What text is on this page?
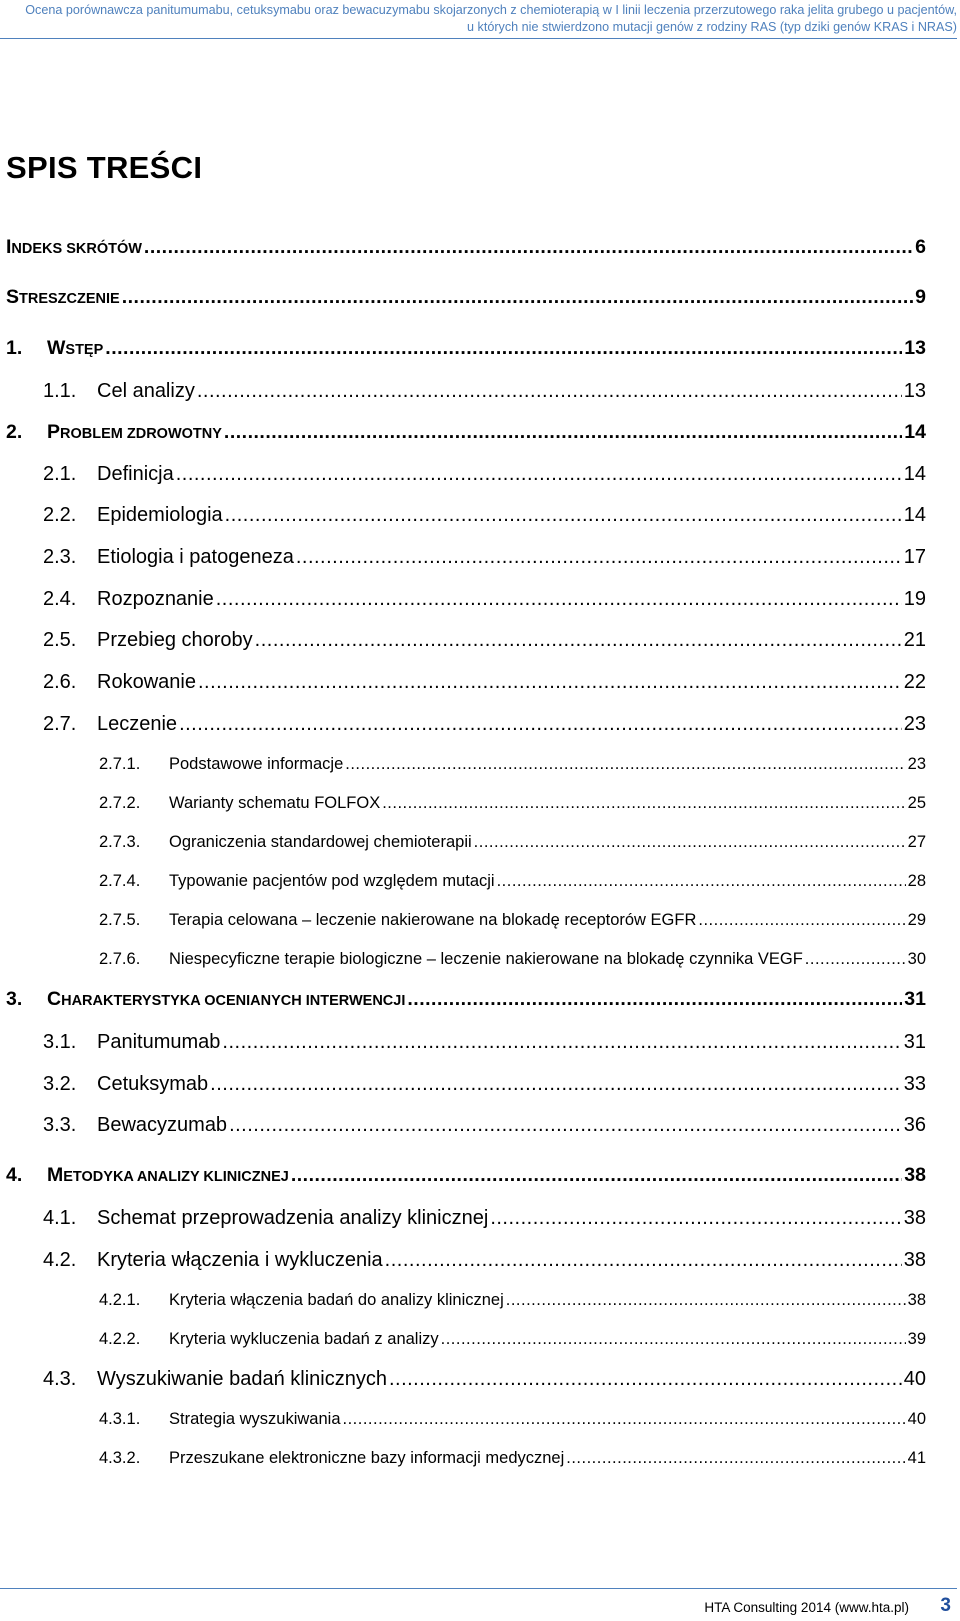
Ocena porównawcza panitumumabu, cetuksymabu oraz bewacuzymabu skojarzonych z chemioterapią w I linii leczenia przerzutowego raka jelita grubego u pacjentów,
u których nie stwierdzono mutacji genów z rodziny RAS (typ dziki genów KRAS i NRAS)
SPIS TREŚCI
INDEKS SKRÓTÓW .....	6
STRESZCZENIE .....	9
1.	WSTĘP .....	13
1.1.	Cel analizy .....	13
2.	PROBLEM ZDROWOTNY .....	14
2.1.	Definicja .....	14
2.2.	Epidemiologia .....	14
2.3.	Etiologia i patogeneza .....	17
2.4.	Rozpoznanie .....	19
2.5.	Przebieg choroby .....	21
2.6.	Rokowanie .....	22
2.7.	Leczenie .....	23
2.7.1.	Podstawowe informacje .....	23
2.7.2.	Warianty schematu FOLFOX .....	25
2.7.3.	Ograniczenia standardowej chemioterapii .....	27
2.7.4.	Typowanie pacjentów pod względem mutacji .....	28
2.7.5.	Terapia celowana – leczenie nakierowane na blokadę receptorów EGFR .....	29
2.7.6.	Niespecyficzne terapie biologiczne – leczenie nakierowane na blokadę czynnika VEGF .....	30
3.	CHARAKTERYSTYKA OCENIANYCH INTERWENCJI .....	31
3.1.	Panitumumab .....	31
3.2.	Cetuksymab .....	33
3.3.	Bewacyzumab .....	36
4.	METODYKA ANALIZY KLINICZNEJ .....	38
4.1.	Schemat przeprowadzenia analizy klinicznej .....	38
4.2.	Kryteria włączenia i wykluczenia .....	38
4.2.1.	Kryteria włączenia badań do analizy klinicznej .....	38
4.2.2.	Kryteria wykluczenia badań z analizy .....	39
4.3.	Wyszukiwanie badań klinicznych .....	40
4.3.1.	Strategia wyszukiwania .....	40
4.3.2.	Przeszukane elektroniczne bazy informacji medycznej .....	41
HTA Consulting 2014 (www.hta.pl) 3
